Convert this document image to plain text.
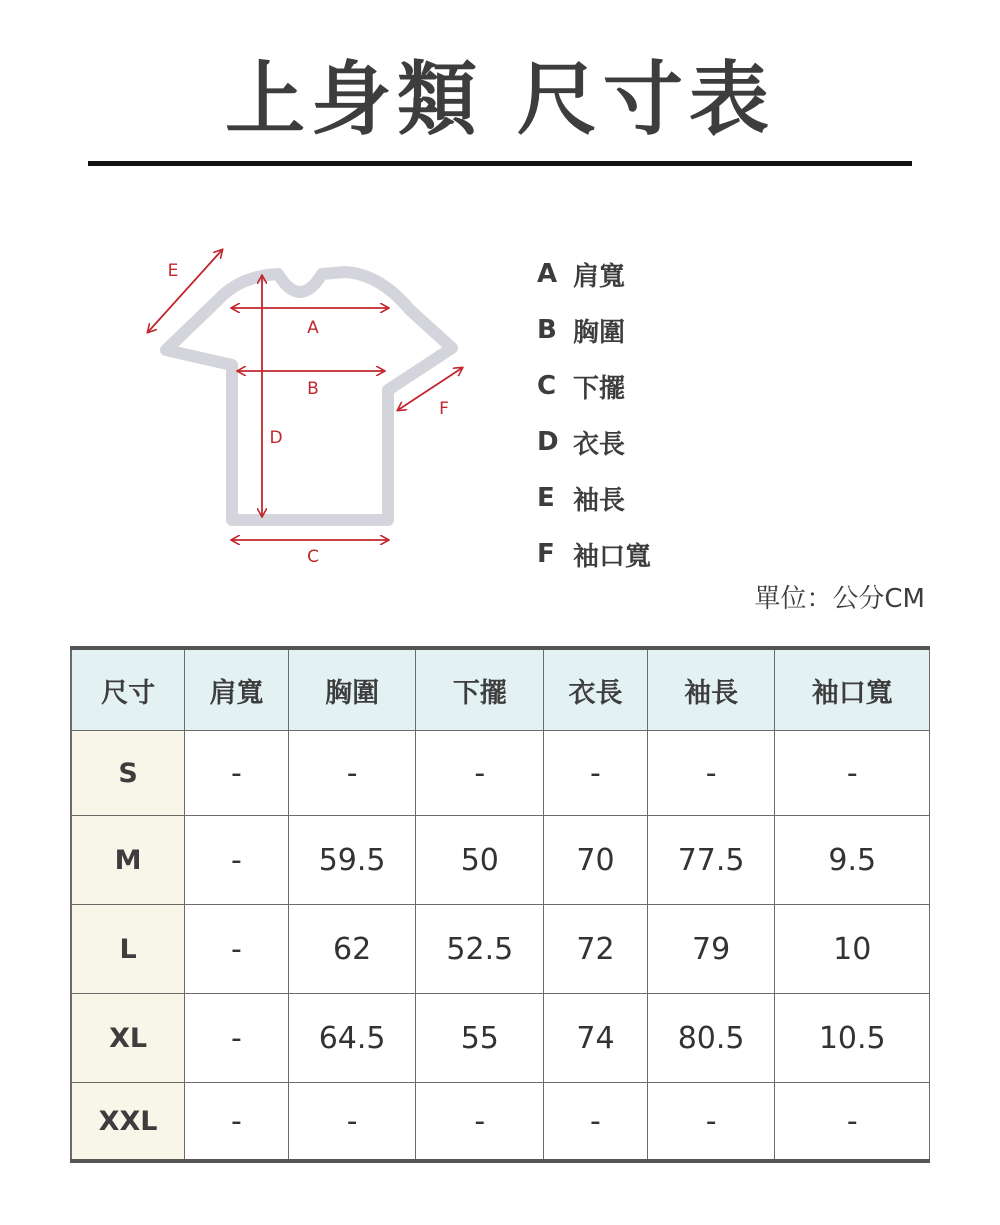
上身類 尺寸表
A
B
C
D
E
F
A 肩寬
B 胸圍
C 下擺
D 衣長
E 袖長
F 袖口寬
單位：公分CM
尺寸	肩寬	胸圍	下擺	衣長	袖長	袖口寬
S	-	-	-	-	-	-
M	-	59.5	50	70	77.5	9.5
L	-	62	52.5	72	79	10
XL	-	64.5	55	74	80.5	10.5
XXL	-	-	-	-	-	-
